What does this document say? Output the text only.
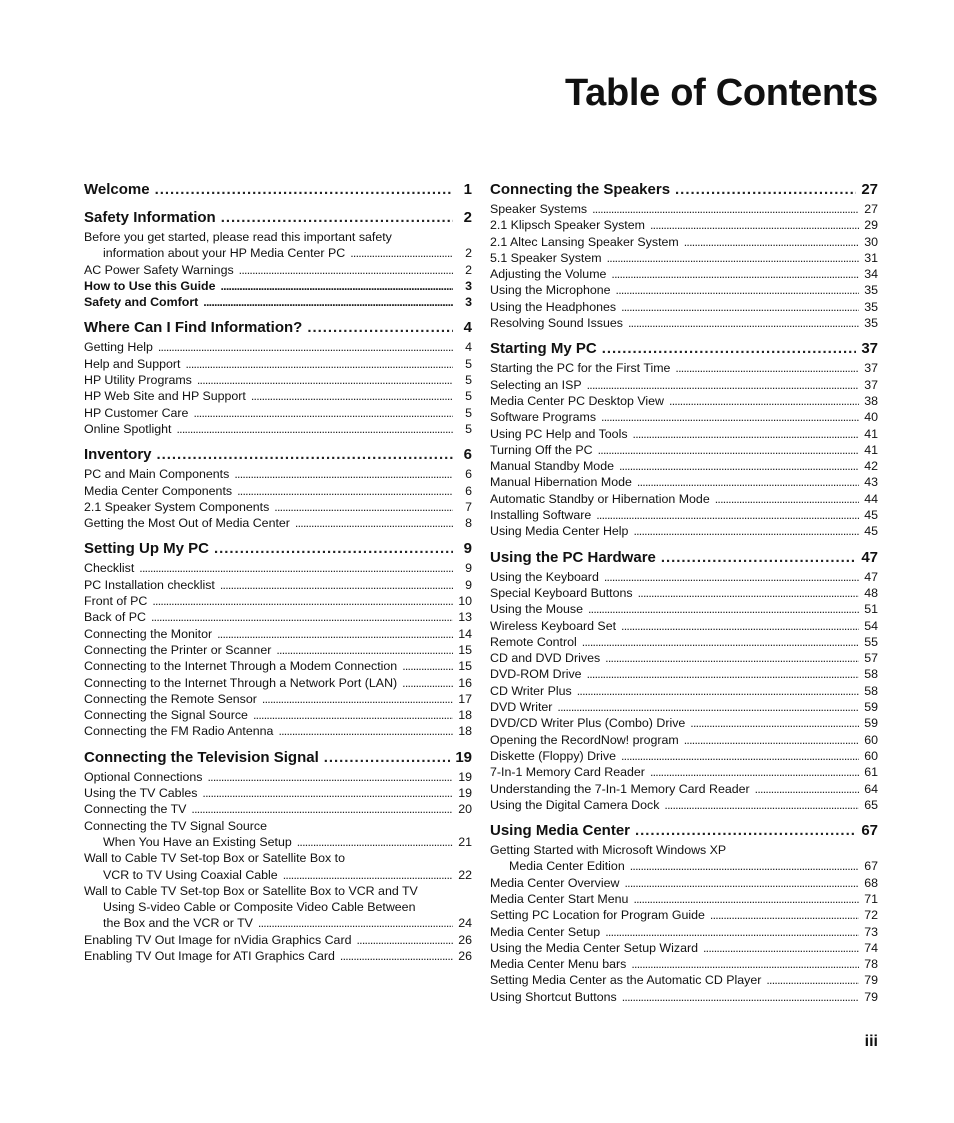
Table of Contents
Welcome . . .	1
Safety Information . . .	2
Before you get started, please read this important safety
information about your HP Media Center PC . . .	2
AC Power Safety Warnings . . .	2
How to Use this Guide . . .	3
Safety and Comfort . . .	3
Where Can I Find Information? . . .	4
Getting Help . . .	4
Help and Support . . .	5
HP Utility Programs . . .	5
HP Web Site and HP Support . . .	5
HP Customer Care . . .	5
Online Spotlight . . .	5
Inventory . . .	6
PC and Main Components . . .	6
Media Center Components . . .	6
2.1 Speaker System Components . . .	7
Getting the Most Out of Media Center . . .	8
Setting Up My PC . . .	9
Checklist . . .	9
PC Installation checklist . . .	9
Front of PC . . .	10
Back of PC . . .	13
Connecting the Monitor . . .	14
Connecting the Printer or Scanner . . .	15
Connecting to the Internet Through a Modem Connection . . .	15
Connecting to the Internet Through a Network Port (LAN) . . .	16
Connecting the Remote Sensor . . .	17
Connecting the Signal Source . . .	18
Connecting the FM Radio Antenna . . .	18
Connecting the Television Signal . . .	19
Optional Connections . . .	19
Using the TV Cables . . .	19
Connecting the TV . . .	20
Connecting the TV Signal Source
When You Have an Existing Setup . . .	21
Wall to Cable TV Set-top Box or Satellite Box to
VCR to TV Using Coaxial Cable . . .	22
Wall to Cable TV Set-top Box or Satellite Box to VCR and TV
Using S-video Cable or Composite Video Cable Between
the Box and the VCR or TV . . .	24
Enabling TV Out Image for nVidia Graphics Card . . .	26
Enabling TV Out Image for ATI Graphics Card . . .	26
Connecting the Speakers . . .	27
Speaker Systems . . .	27
2.1 Klipsch Speaker System . . .	29
2.1 Altec Lansing Speaker System . . .	30
5.1 Speaker System . . .	31
Adjusting the Volume . . .	34
Using the Microphone . . .	35
Using the Headphones . . .	35
Resolving Sound Issues . . .	35
Starting My PC . . .	37
Starting the PC for the First Time . . .	37
Selecting an ISP . . .	37
Media Center PC Desktop View . . .	38
Software Programs . . .	40
Using PC Help and Tools . . .	41
Turning Off the PC . . .	41
Manual Standby Mode . . .	42
Manual Hibernation Mode . . .	43
Automatic Standby or Hibernation Mode . . .	44
Installing Software . . .	45
Using Media Center Help . . .	45
Using the PC Hardware . . .	47
Using the Keyboard . . .	47
Special Keyboard Buttons . . .	48
Using the Mouse . . .	51
Wireless Keyboard Set . . .	54
Remote Control . . .	55
CD and DVD Drives . . .	57
DVD-ROM Drive . . .	58
CD Writer Plus . . .	58
DVD Writer . . .	59
DVD/CD Writer Plus (Combo) Drive . . .	59
Opening the RecordNow! program . . .	60
Diskette (Floppy) Drive . . .	60
7-In-1 Memory Card Reader . . .	61
Understanding the 7-In-1 Memory Card Reader . . .	64
Using the Digital Camera Dock . . .	65
Using Media Center . . .	67
Getting Started with Microsoft Windows XP
Media Center Edition . . .	67
Media Center Overview . . .	68
Media Center Start Menu . . .	71
Setting PC Location for Program Guide . . .	72
Media Center Setup . . .	73
Using the Media Center Setup Wizard . . .	74
Media Center Menu bars . . .	78
Setting Media Center as the Automatic CD Player . . .	79
Using Shortcut Buttons . . .	79
iii
